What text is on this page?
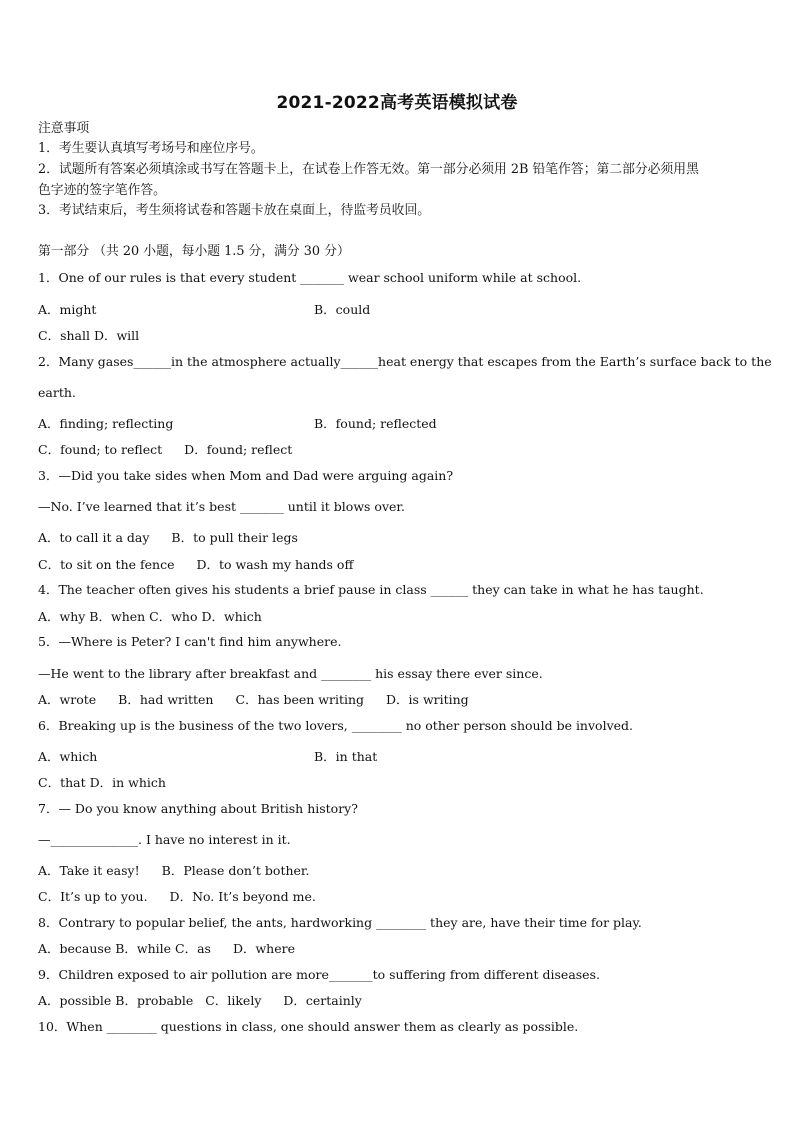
2021-2022高考英语模拟试卷
注意事项
1．考生要认真填写考场号和座位序号。
2．试题所有答案必须填涂或书写在答题卡上，在试卷上作答无效。第一部分必须用 2B 铅笔作答；第二部分必须用黑
色字迹的签字笔作答。
3．考试结束后，考生须将试卷和答题卡放在桌面上，待监考员收回。
第一部分 （共 20 小题，每小题 1.5 分，满分 30 分）
1．One of our rules is that every student _______ wear school uniform while at school.
A．might	B．could
C．shall D．will
2．Many gases______in the atmosphere actually______heat energy that escapes from the Earth’s surface back to the
earth.
A．finding; reflecting	B．found; reflected
C．found; to reflect D．found; reflect
3．—Did you take sides when Mom and Dad were arguing again?
—No. I’ve learned that it’s best _______ until it blows over.
A．to call it a day B．to pull their legs
C．to sit on the fence D．to wash my hands off
4．The teacher often gives his students a brief pause in class ______ they can take in what he has taught.
A．why B．when C．who D．which
5．—Where is Peter? I can't find him anywhere.
—He went to the library after breakfast and ________ his essay there ever since.
A．wrote B．had written C．has been writing D．is writing
6．Breaking up is the business of the two lovers, ________ no other person should be involved.
A．which	B．in that
C．that D．in which
7．— Do you know anything about British history?
—______________. I have no interest in it.
A．Take it easy! B．Please don’t bother.
C．It’s up to you. D．No. It’s beyond me.
8．Contrary to popular belief, the ants, hardworking ________ they are, have their time for play.
A．because B．while C．as D．where
9．Children exposed to air pollution are more_______to suffering from different diseases.
A．possible B．probable C．likely D．certainly
10．When ________ questions in class, one should answer them as clearly as possible.
